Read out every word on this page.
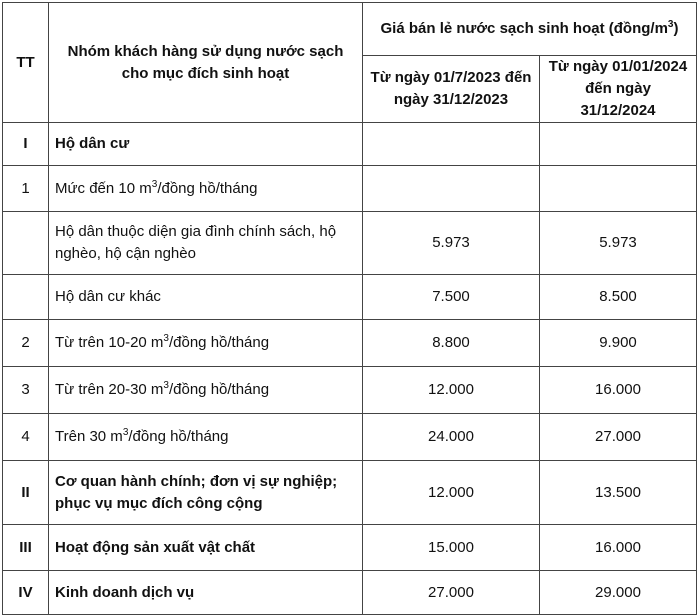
TT	Nhóm khách hàng sử dụng nước sạch cho mục đích sinh hoạt	Giá bán lẻ nước sạch sinh hoạt $(đồng/m^3)$	
		Từ ngày 01/7/2023 đến ngày 31/12/2023	Từ ngày 01/01/2024 đến ngày 31/12/2024
I	Hộ dân cư		
1	Mức đến 10 $m^3$/đồng hồ/tháng		
	Hộ dân thuộc diện gia đình chính sách, hộ nghèo, hộ cận nghèo	5.973	5.973
	Hộ dân cư khác	7.500	8.500
2	Từ trên 10-20 $m^3$/đồng hồ/tháng	8.800	9.900
3	Từ trên 20-30 $m^3$/đồng hồ/tháng	12.000	16.000
4	Trên 30 $m^3$/đồng hồ/tháng	24.000	27.000
II	Cơ quan hành chính; đơn vị sự nghiệp; phục vụ mục đích công cộng	12.000	13.500
III	Hoạt động sản xuất vật chất	15.000	16.000
IV	Kinh doanh dịch vụ	27.000	29.000
